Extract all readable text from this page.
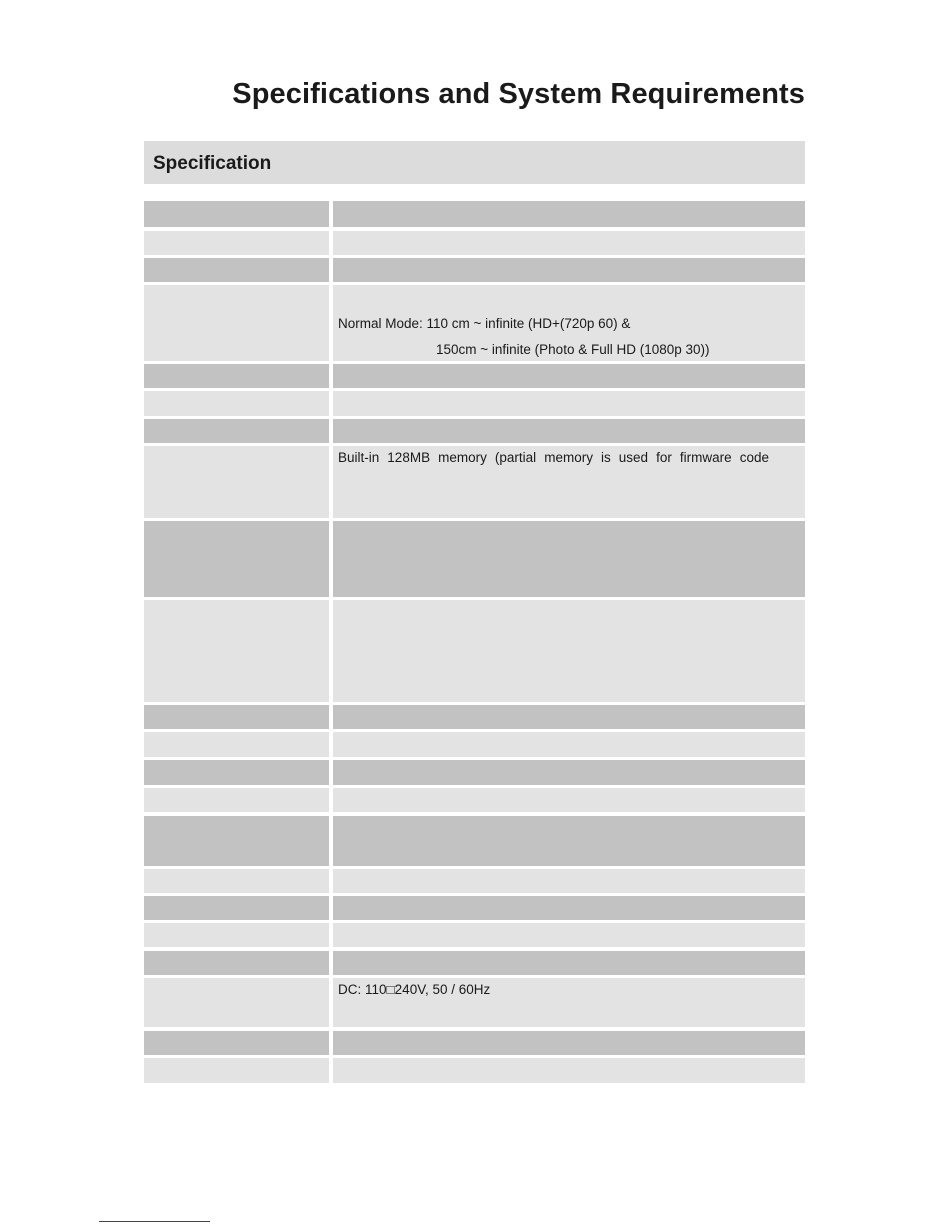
Specifications and System Requirements
Specification
Normal Mode: 110 cm ~ infinite (HD+(720p 60) &
150cm ~ infinite (Photo & Full HD (1080p 30))
Built-in 128MB memory (partial memory is used for firmware code
DC: 110□240V, 50 / 60Hz
